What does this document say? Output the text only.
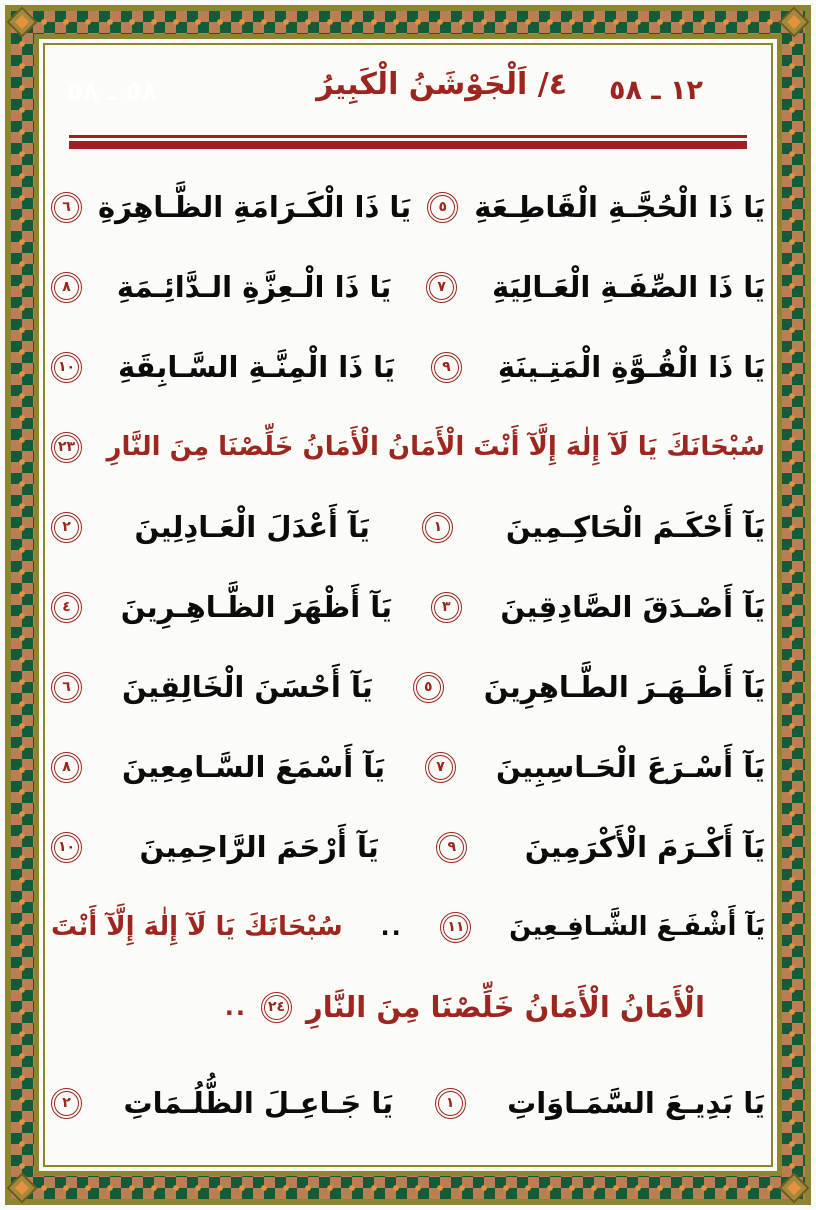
٥٨ ـ ٥٨	٤/ اَلْجَوْشَنُ الْكَبِيرُ ١٢ ـ ٥٨
يَا ذَا الْحُجَّـةِ الْقَاطِـعَةِ
٥
يَا ذَا الْكَـرَامَةِ الظَّـاهِرَةِ
٦
يَا ذَا الصِّفَـةِ الْعَـالِيَةِ
٧
يَا ذَا الْـعِزَّةِ الـدَّائِـمَةِ
٨
يَا ذَا الْقُـوَّةِ الْمَتِـينَةِ
٩
يَا ذَا الْمِنَّـةِ السَّـابِقَةِ
١٠
سُبْحَانَكَ يَا لَآ إِلٰهَ إِلَّآ أَنْتَ الْأَمَانُ الْأَمَانُ خَلِّصْنَا مِنَ النَّارِ
٢٣
يَآ أَحْكَـمَ الْحَاكِـمِينَ
١
يَآ أَعْدَلَ الْعَـادِلِينَ
٢
يَآ أَصْـدَقَ الصَّادِقِينَ
٣
يَآ أَظْهَرَ الظَّـاهِـرِينَ
٤
يَآ أَطْـهَـرَ الطَّـاهِرِينَ
٥
يَآ أَحْسَنَ الْخَالِقِينَ
٦
يَآ أَسْـرَعَ الْحَـاسِبِينَ
٧
يَآ أَسْمَعَ السَّـامِعِينَ
٨
يَآ أَكْـرَمَ الْأَكْرَمِينَ
٩
يَآ أَرْحَمَ الرَّاحِمِينَ
١٠
يَآ أَشْفَـعَ الشَّـافِـعِينَ
١١
..
سُبْحَانَكَ يَا لَآ إِلٰهَ إِلَّآ أَنْتَ
الْأَمَانُ الْأَمَانُ خَلِّصْنَا مِنَ النَّارِ
٢٤
..
يَا بَدِيـعَ السَّمَـاوَاتِ
١
يَا جَـاعِـلَ الظُّلُـمَاتِ
٢
